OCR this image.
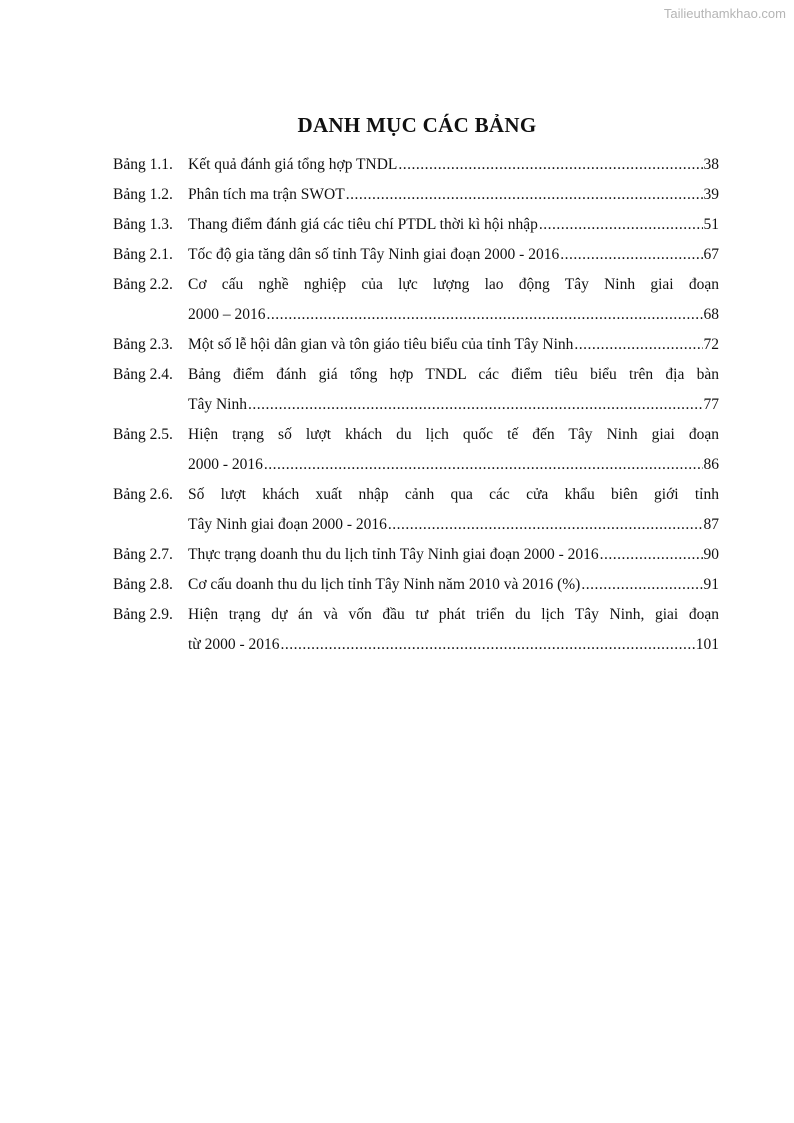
Tailieuthamkhao.com
DANH MỤC CÁC BẢNG
Bảng 1.1. Kết quả đánh giá tổng hợp TNDL .....	38
Bảng 1.2. Phân tích ma trận SWOT .....	39
Bảng 1.3. Thang điểm đánh giá các tiêu chí PTDL thời kì hội nhập .....	51
Bảng 2.1. Tốc độ gia tăng dân số tỉnh Tây Ninh giai đoạn 2000 - 2016 .....	67
Bảng 2.2. Cơ cấu nghề nghiệp của lực lượng lao động Tây Ninh giai đoạn
2000 – 2016 .....	68
Bảng 2.3. Một số lễ hội dân gian và tôn giáo tiêu biểu của tỉnh Tây Ninh .....	72
Bảng 2.4. Bảng điểm đánh giá tổng hợp TNDL các điểm tiêu biểu trên địa bàn
Tây Ninh .....	77
Bảng 2.5. Hiện trạng số lượt khách du lịch quốc tế đến Tây Ninh giai đoạn
2000 - 2016 .....	86
Bảng 2.6. Số lượt khách xuất nhập cảnh qua các cửa khẩu biên giới tỉnh
Tây Ninh giai đoạn 2000 - 2016 .....	87
Bảng 2.7. Thực trạng doanh thu du lịch tỉnh Tây Ninh giai đoạn 2000 - 2016 .....	90
Bảng 2.8. Cơ cấu doanh thu du lịch tỉnh Tây Ninh năm 2010 và 2016 (%) .....	91
Bảng 2.9. Hiện trạng dự án và vốn đầu tư phát triển du lịch Tây Ninh, giai đoạn
từ 2000 - 2016 .....	101
